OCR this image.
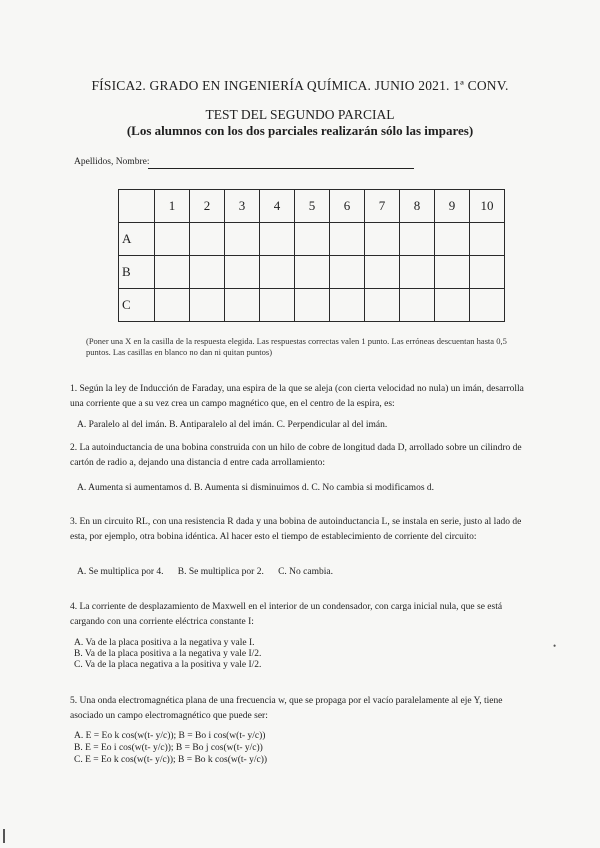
FÍSICA2. GRADO EN INGENIERÍA QUÍMICA. JUNIO 2021. 1ª CONV.
TEST DEL SEGUNDO PARCIAL
(Los alumnos con los dos parciales realizarán sólo las impares)
Apellidos, Nombre:
	1	2	3	4	5	6	7	8	9	10
A										
B										
C										
(Poner una X en la casilla de la respuesta elegida. Las respuestas correctas valen 1 punto. Las erróneas descuentan hasta 0,5 puntos. Las casillas en blanco no dan ni quitan puntos)
1. Según la ley de Inducción de Faraday, una espira de la que se aleja (con cierta velocidad no nula) un imán, desarrolla una corriente que a su vez crea un campo magnético que, en el centro de la espira, es:
A. Paralelo al del imán. B. Antiparalelo al del imán. C. Perpendicular al del imán.
2. La autoinductancia de una bobina construida con un hilo de cobre de longitud dada D, arrollado sobre un cilindro de cartón de radio a, dejando una distancia d entre cada arrollamiento:
A. Aumenta si aumentamos d. B. Aumenta si disminuimos d. C. No cambia si modificamos d.
3. En un circuito RL, con una resistencia R dada y una bobina de autoinductancia L, se instala en serie, justo al lado de esta, por ejemplo, otra bobina idéntica. Al hacer esto el tiempo de establecimiento de corriente del circuito:
A. Se multiplica por 4.      B. Se multiplica por 2.      C. No cambia.
4. La corriente de desplazamiento de Maxwell en el interior de un condensador, con carga inicial nula, que se está cargando con una corriente eléctrica constante I:
A. Va de la placa positiva a la negativa y vale I.
B. Va de la placa positiva a la negativa y vale I/2.
C. Va de la placa negativa a la positiva y vale I/2.
5. Una onda electromagnética plana de una frecuencia w, que se propaga por el vacío paralelamente al eje Y, tiene asociado un campo electromagnético que puede ser:
A. E = Eo k cos(w(t- y/c)); B = Bo i cos(w(t- y/c))
B. E = Eo i cos(w(t- y/c)); B = Bo j cos(w(t- y/c))
C. E = Eo k cos(w(t- y/c)); B = Bo k cos(w(t- y/c))
•
